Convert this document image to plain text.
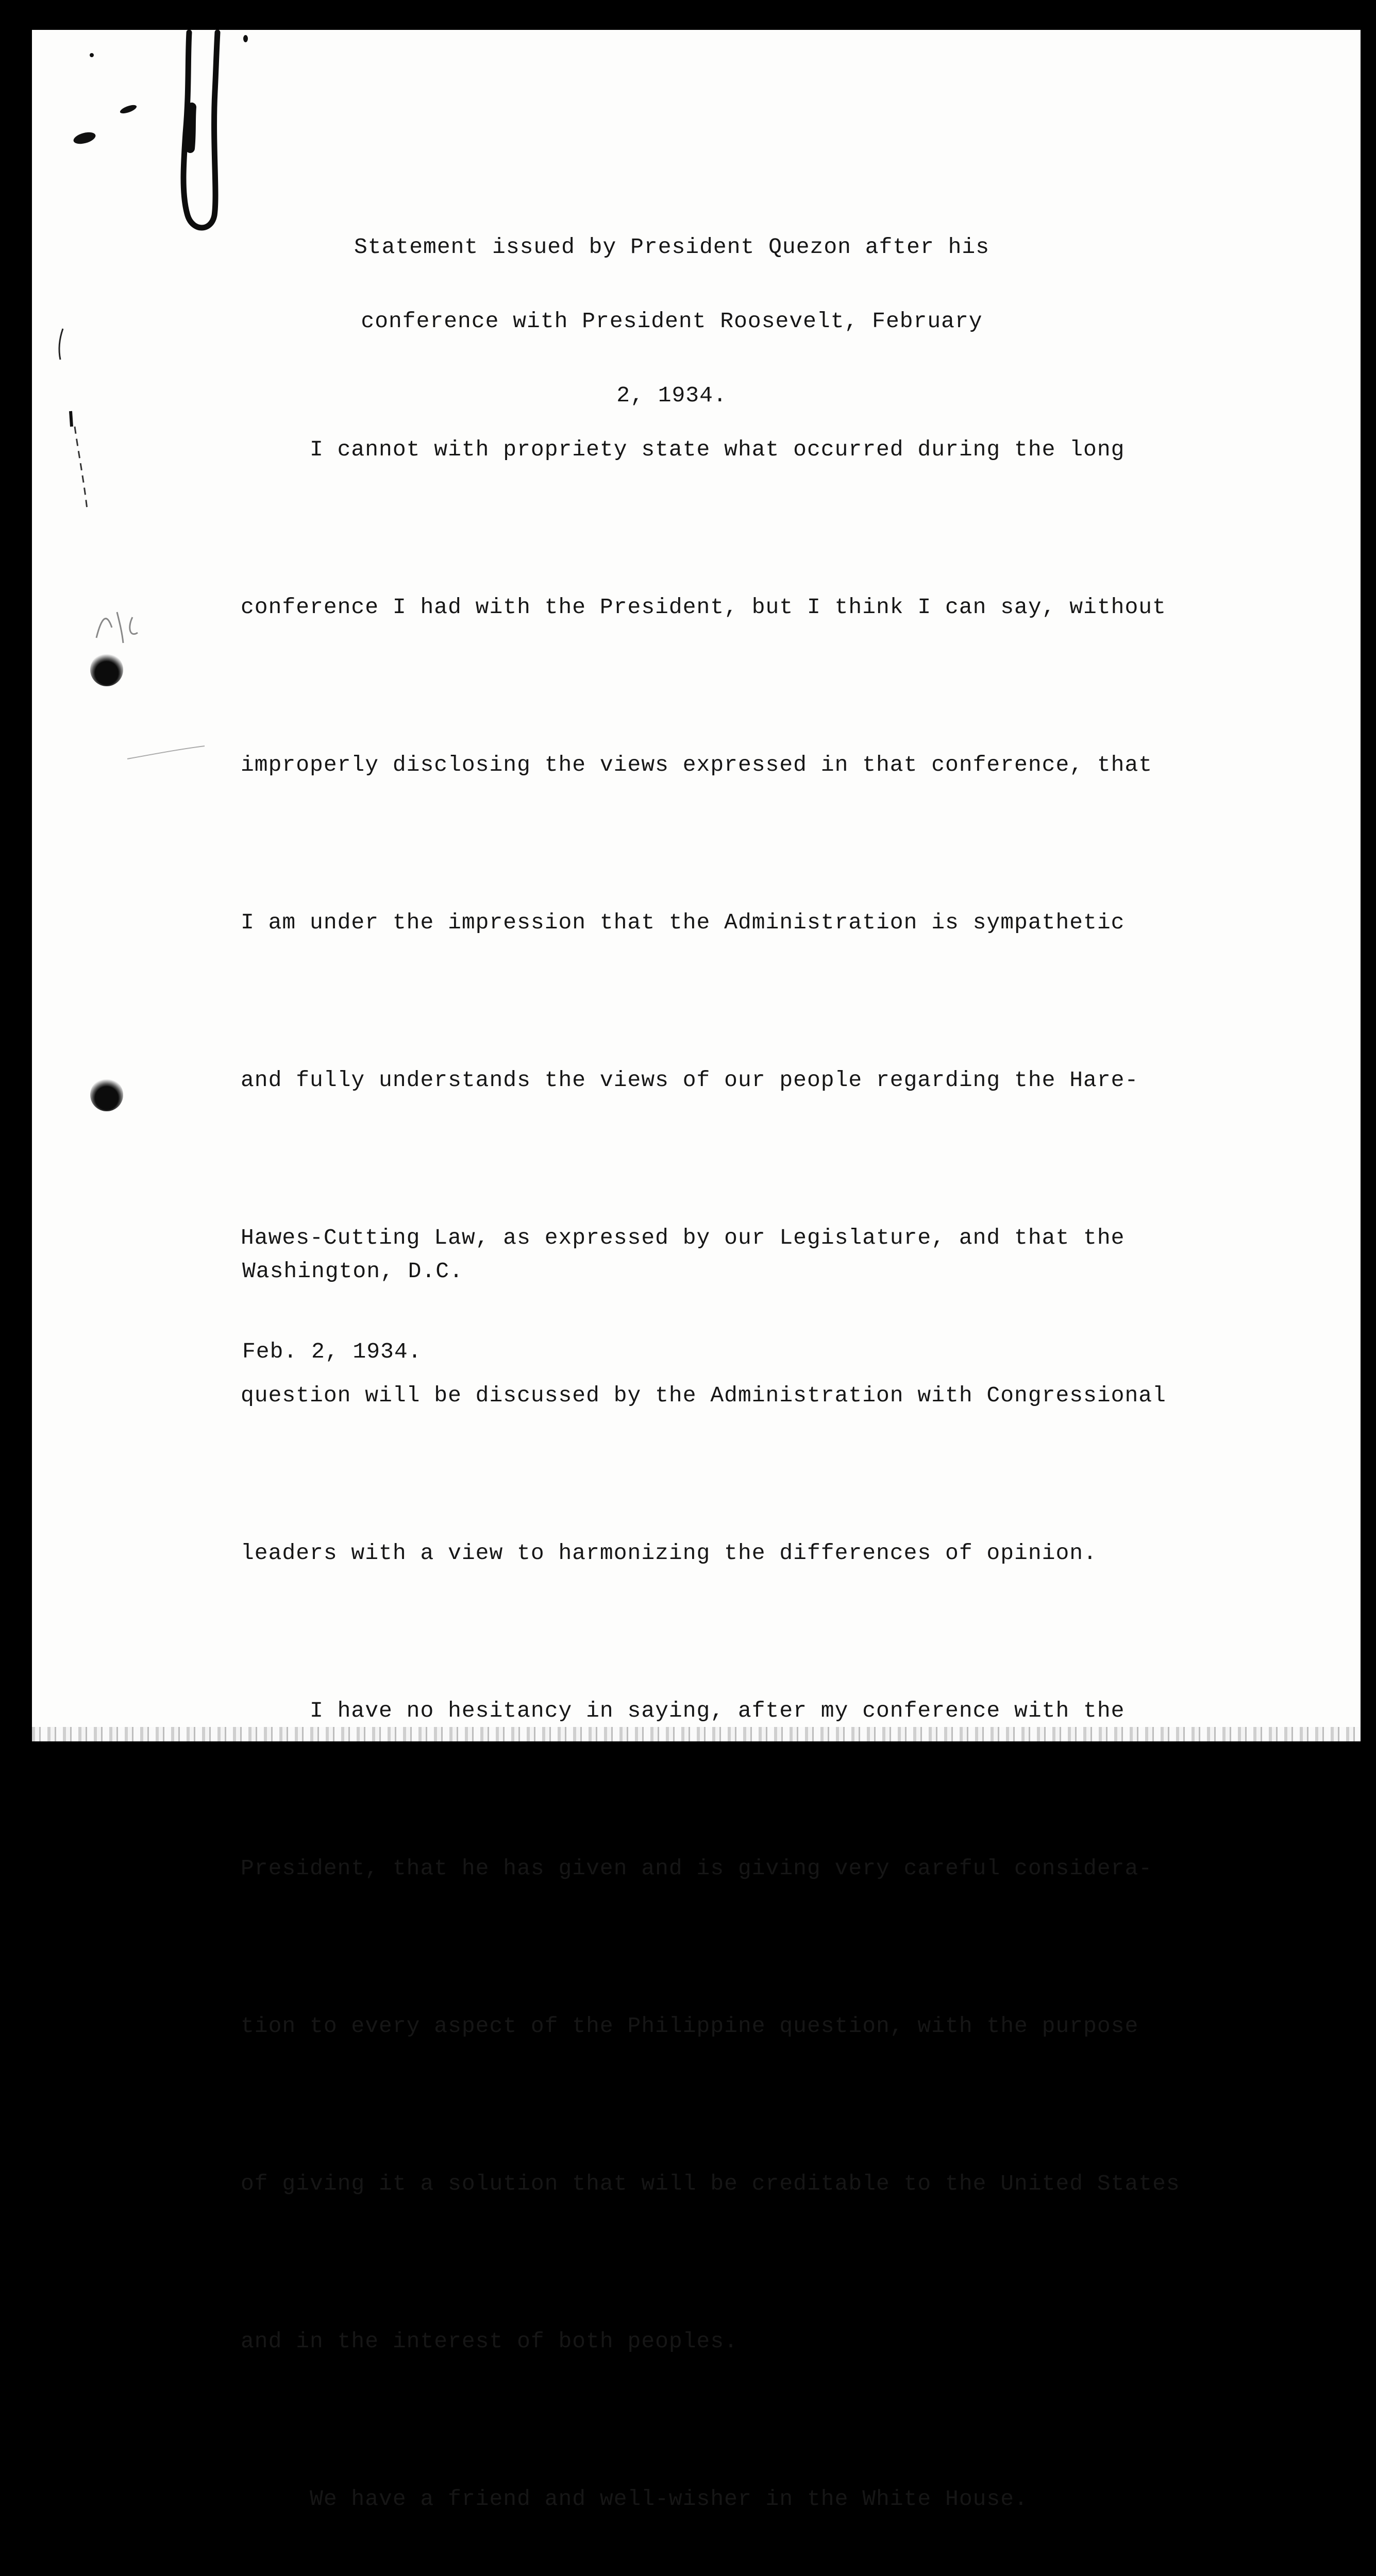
Statement issued by President Quezon after his

conference with President Roosevelt, February

2, 1934.

I cannot with propriety state what occurred during the long

conference I had with the President, but I think I can say, without

improperly disclosing the views expressed in that conference, that

I am under the impression that the Administration is sympathetic

and fully understands the views of our people regarding the Hare-

Hawes-Cutting Law, as expressed by our Legislature, and that the

question will be discussed by the Administration with Congressional

leaders with a view to harmonizing the differences of opinion.

I have no hesitancy in saying, after my conference with the

President, that he has given and is giving very careful considera-

tion to every aspect of the Philippine question, with the purpose

of giving it a solution that will be creditable to the United States

and in the interest of both peoples.

We have a friend and well-wisher in the White House.

Washington, D.C.

Feb. 2, 1934.
